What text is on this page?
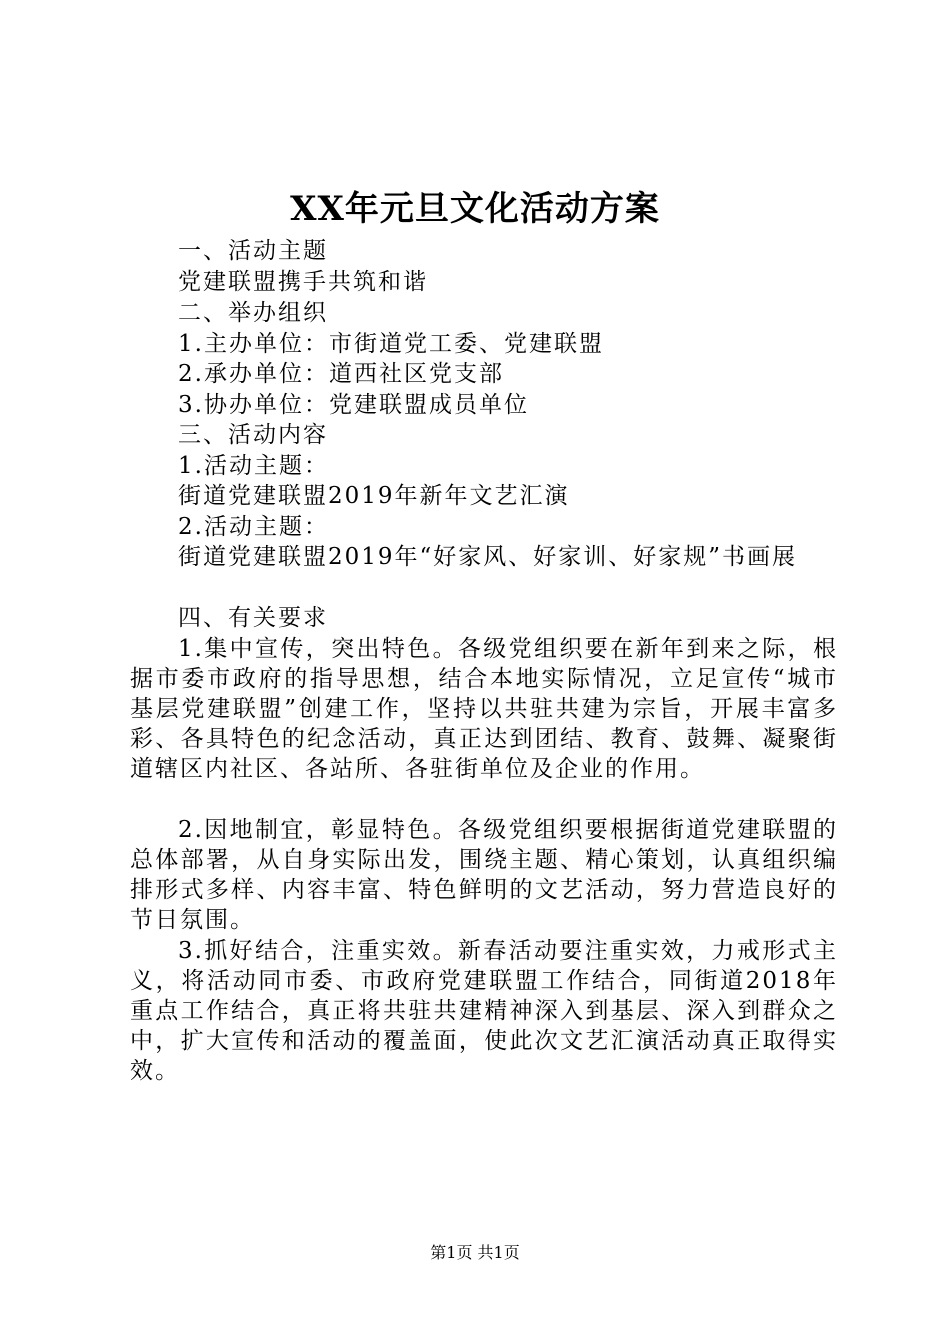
XX年元旦文化活动方案
一、活动主题
党建联盟携手共筑和谐
二、举办组织
1.主办单位：市街道党工委、党建联盟
2.承办单位：道西社区党支部
3.协办单位：党建联盟成员单位
三、活动内容
1.活动主题：
街道党建联盟2019年新年文艺汇演
2.活动主题：
街道党建联盟2019年“好家风、好家训、好家规”书画展
四、有关要求
1.集中宣传，突出特色。各级党组织要在新年到来之际，根据市委市政府的指导思想，结合本地实际情况，立足宣传“城市基层党建联盟”创建工作，坚持以共驻共建为宗旨，开展丰富多彩、各具特色的纪念活动，真正达到团结、教育、鼓舞、凝聚街道辖区内社区、各站所、各驻街单位及企业的作用。
2.因地制宜，彰显特色。各级党组织要根据街道党建联盟的总体部署，从自身实际出发，围绕主题、精心策划，认真组织编排形式多样、内容丰富、特色鲜明的文艺活动，努力营造良好的节日氛围。
3.抓好结合，注重实效。新春活动要注重实效，力戒形式主义，将活动同市委、市政府党建联盟工作结合，同街道2018年重点工作结合，真正将共驻共建精神深入到基层、深入到群众之中，扩大宣传和活动的覆盖面，使此次文艺汇演活动真正取得实效。
第1页 共1页
